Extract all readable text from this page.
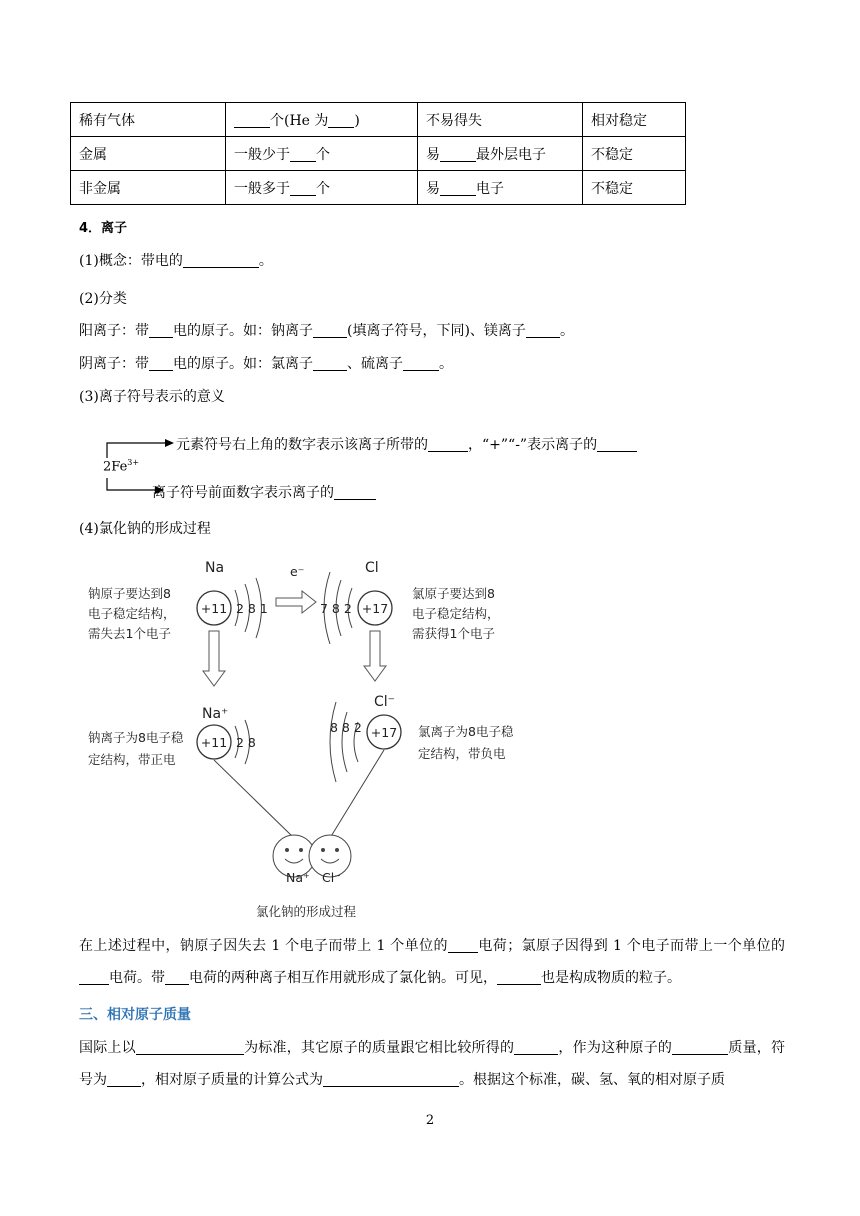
稀有气体	个(He 为 )	不易得失	相对稳定
金属	一般少于 个	易 最外层电子	不稳定
非金属	一般多于 个	易 电子	不稳定
4．离子
(1)概念：带电的	。
(2)分类
阳离子：带 电的原子。如：钠离子 (填离子符号，下同)、镁离子 。
阴离子：带 电的原子。如：氯离子 、硫离子	。
(3)离子符号表示的意义
$2Fe^{3+}$
元素符号右上角的数字表示该离子所带的	，“+”“-”表示离子的
离子符号前面数字表示离子的
(4)氯化钠的形成过程
Na
钠原子要达到8
电子稳定结构，
需失去1个电子
+11 2 8 1
e⁻	Cl
7 8 2 +17
氯原子要达到8
电子稳定结构，
需获得1个电子
Na⁺
钠离子为8电子稳
定结构，带正电
+11 2 8
Cl⁻
8 8 2 +17 氯离子为8电子稳
定结构，带负电
Na⁺ Cl⁻
氯化钠的形成过程
在上述过程中，钠原子因失去 1 个电子而带上 1 个单位的 电荷；氯原子因得到 1 个电子而带上一个单位的电荷。带 电荷的两种离子相互作用就形成了氯化钠。可见，	也是构成物质的粒子。
三、相对原子质量
国际上以	为标准，其它原子的质量跟它相比较所得的	，作为这种原子的	质量，符号为 ，相对原子质量的计算公式为	。根据这个标准，碳、氢、氧的相对原子质
2
